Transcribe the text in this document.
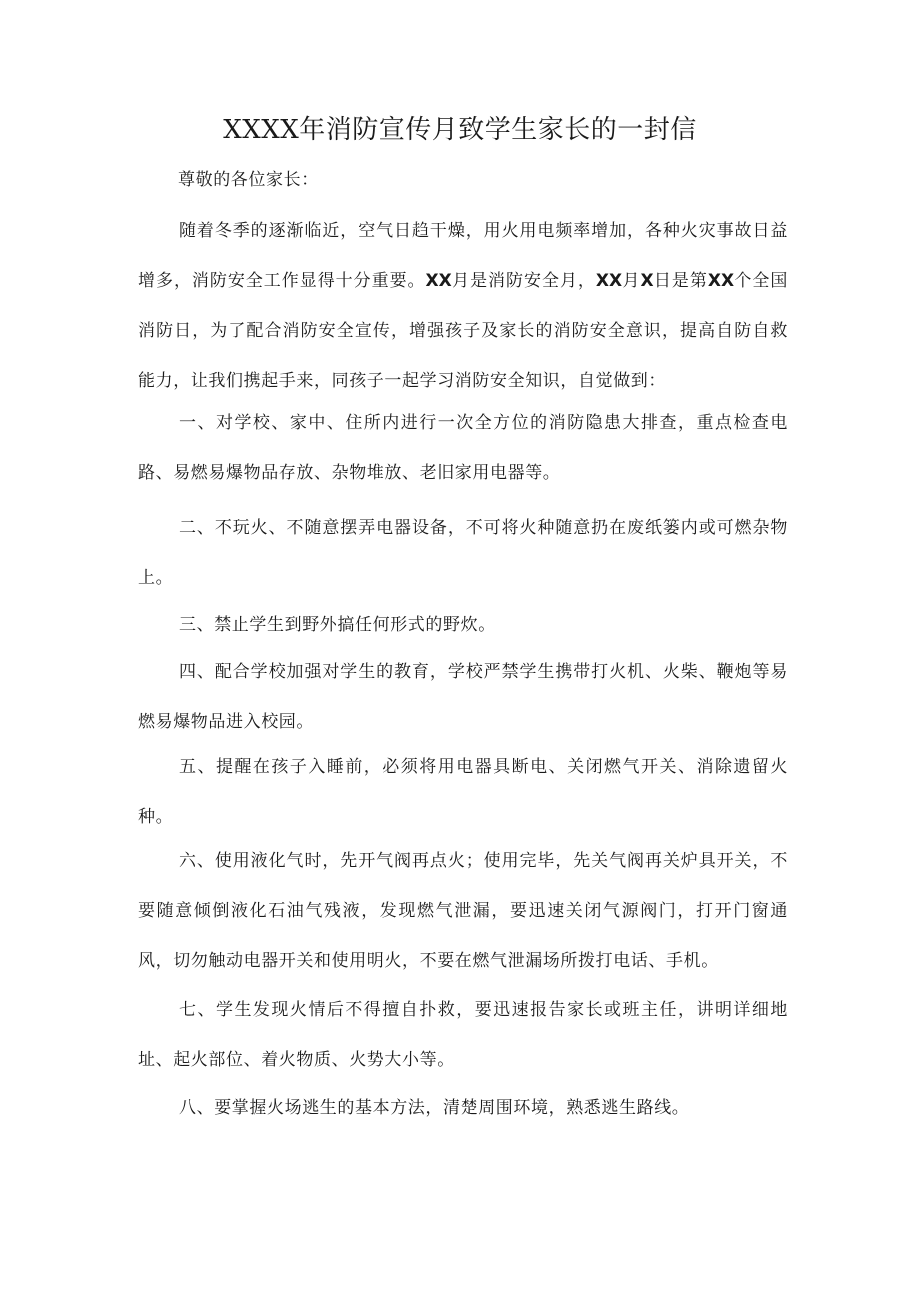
XXXX年消防宣传月致学生家长的一封信
尊敬的各位家长：
随着冬季的逐渐临近，空气日趋干燥，用火用电频率增加，各种火灾事故日益增多，消防安全工作显得十分重要。XX月是消防安全月，XX月X日是第XX个全国消防日，为了配合消防安全宣传，增强孩子及家长的消防安全意识，提高自防自救能力，让我们携起手来，同孩子一起学习消防安全知识，自觉做到：
一、对学校、家中、住所内进行一次全方位的消防隐患大排查，重点检查电路、易燃易爆物品存放、杂物堆放、老旧家用电器等。
二、不玩火、不随意摆弄电器设备，不可将火种随意扔在废纸篓内或可燃杂物上。
三、禁止学生到野外搞任何形式的野炊。
四、配合学校加强对学生的教育，学校严禁学生携带打火机、火柴、鞭炮等易燃易爆物品进入校园。
五、提醒在孩子入睡前，必须将用电器具断电、关闭燃气开关、消除遗留火种。
六、使用液化气时，先开气阀再点火；使用完毕，先关气阀再关炉具开关，不要随意倾倒液化石油气残液，发现燃气泄漏，要迅速关闭气源阀门，打开门窗通风，切勿触动电器开关和使用明火，不要在燃气泄漏场所拨打电话、手机。
七、学生发现火情后不得擅自扑救，要迅速报告家长或班主任，讲明详细地址、起火部位、着火物质、火势大小等。
八、要掌握火场逃生的基本方法，清楚周围环境，熟悉逃生路线。
